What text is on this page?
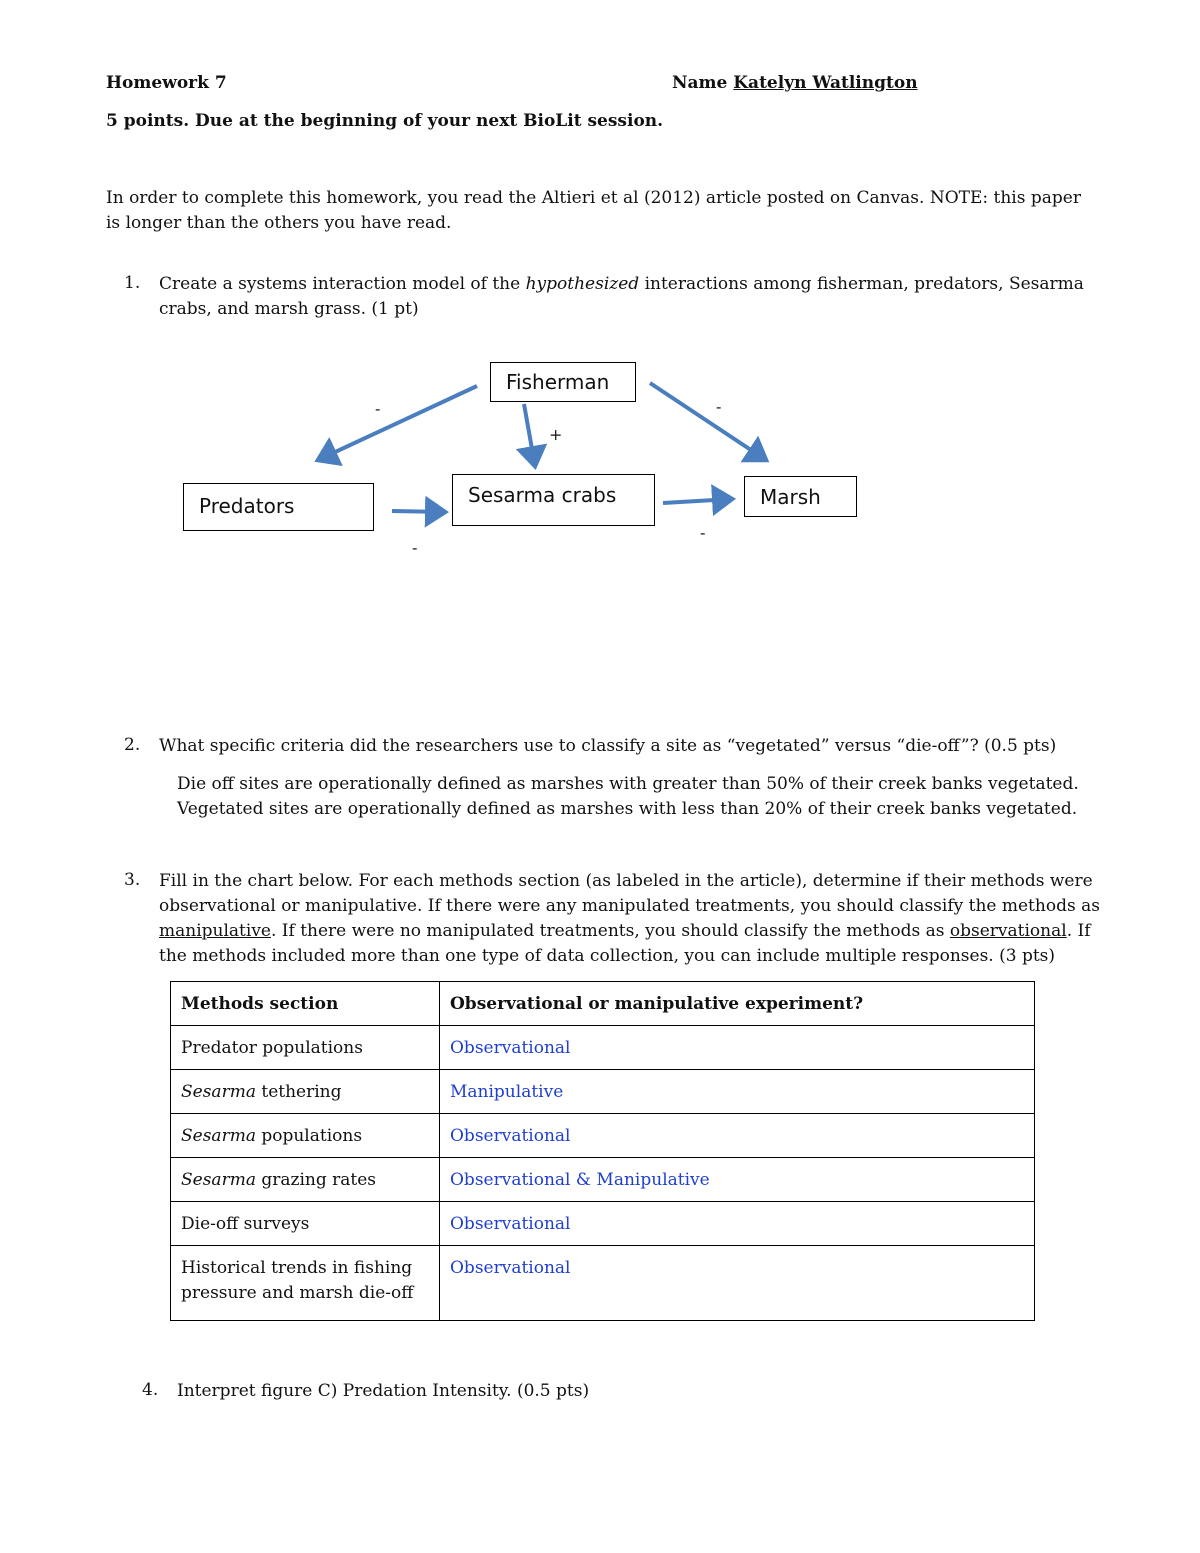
Homework 7	Name Katelyn Watlington
5 points. Due at the beginning of your next BioLit session.
In order to complete this homework, you read the Altieri et al (2012) article posted on Canvas. NOTE: this paper
is longer than the others you have read.
1. Create a systems interaction model of the hypothesized interactions among fisherman, predators, Sesarma
crabs, and marsh grass. (1 pt)
Fisherman
Predators	Sesarma crabs	Marsh
-
+
-
-
-
2. What specific criteria did the researchers use to classify a site as “vegetated” versus “die-off”? (0.5 pts)
Die off sites are operationally defined as marshes with greater than 50% of their creek banks vegetated.
Vegetated sites are operationally defined as marshes with less than 20% of their creek banks vegetated.
3. Fill in the chart below. For each methods section (as labeled in the article), determine if their methods were
observational or manipulative. If there were any manipulated treatments, you should classify the methods as
manipulative. If there were no manipulated treatments, you should classify the methods as observational. If
the methods included more than one type of data collection, you can include multiple responses. (3 pts)
Methods section	Observational or manipulative experiment?
Predator populations	Observational
Sesarma tethering	Manipulative
Sesarma populations	Observational
Sesarma grazing rates	Observational & Manipulative
Die-off surveys	Observational
Historical trends in fishing pressure and marsh die-off	Observational
4. Interpret figure C) Predation Intensity. (0.5 pts)
